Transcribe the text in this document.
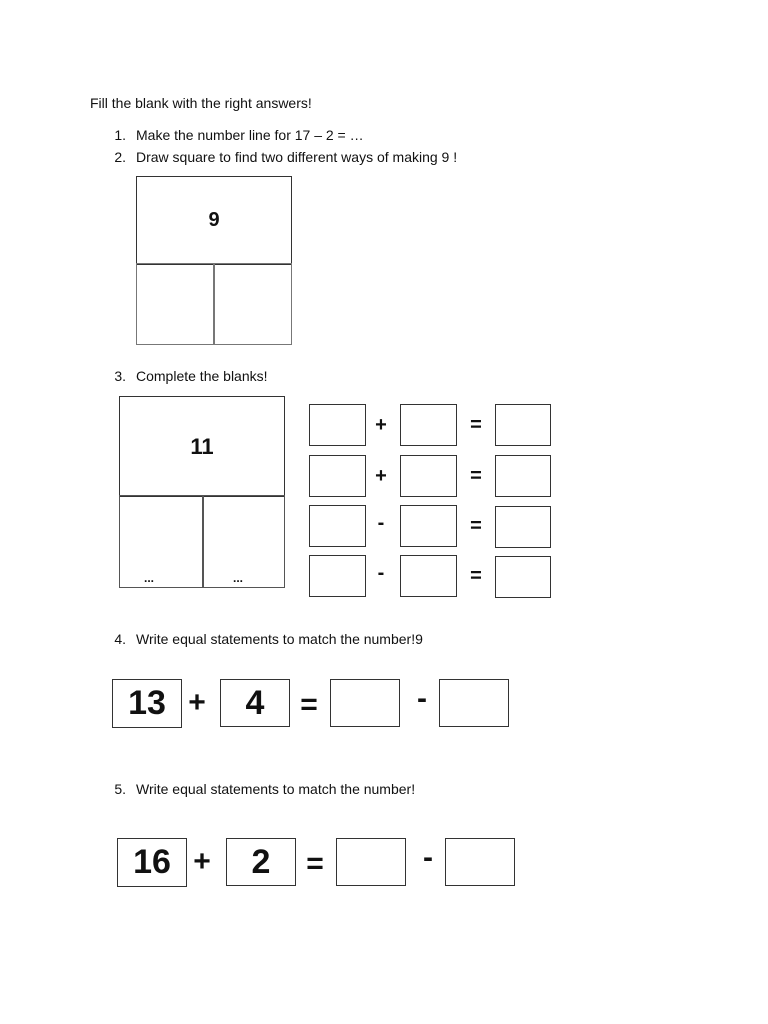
Fill the blank with the right answers!
1. Make the number line for 17 – 2 = …
2. Draw square to find two different ways of making 9 !
9
3. Complete the blanks!
11
...	...
+	=
+	=
-	=
-	=
4. Write equal statements to match the number!9
13 + 4 =	-
5. Write equal statements to match the number!
16 + 2 =	-
